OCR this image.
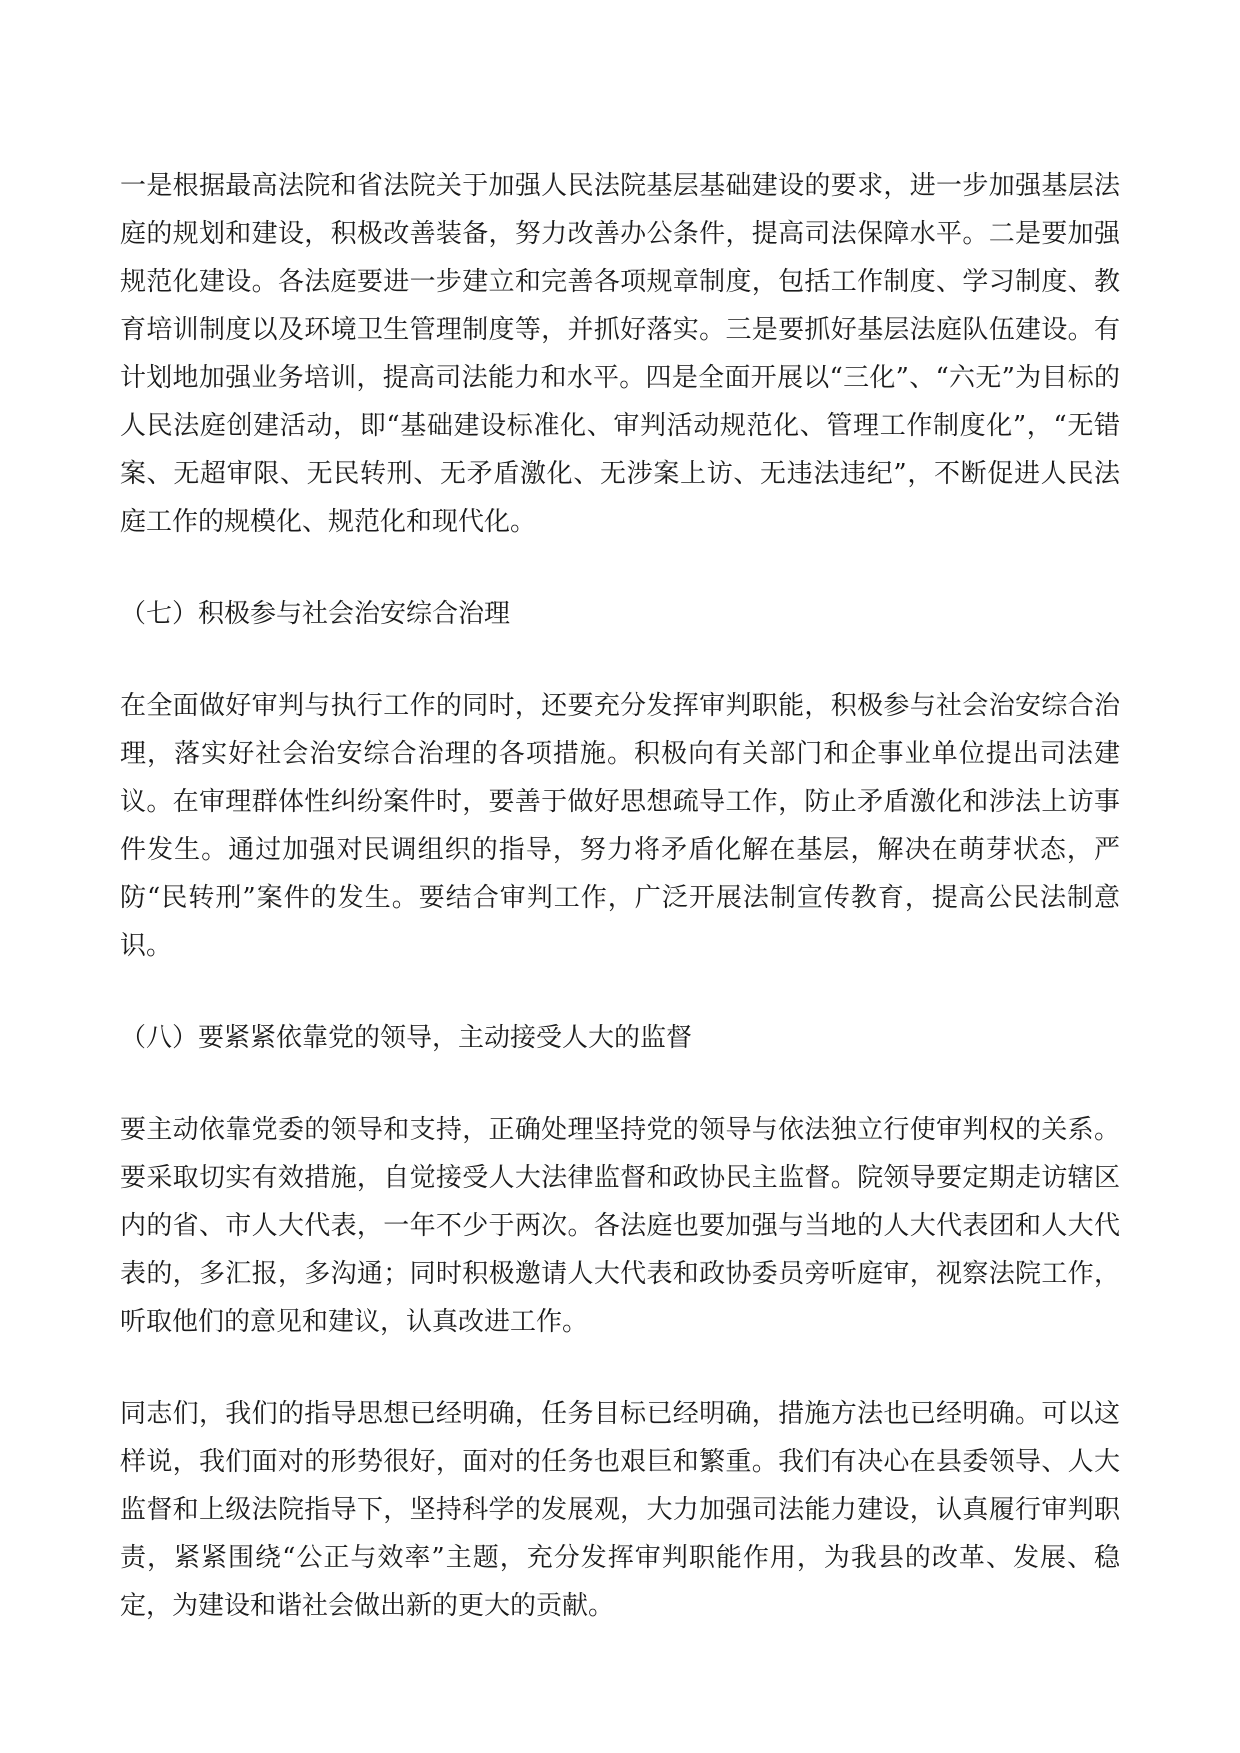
一是根据最高法院和省法院关于加强人民法院基层基础建设的要求，进一步加强基层法庭的规划和建设，积极改善装备，努力改善办公条件，提高司法保障水平。二是要加强规范化建设。各法庭要进一步建立和完善各项规章制度，包括工作制度、学习制度、教育培训制度以及环境卫生管理制度等，并抓好落实。三是要抓好基层法庭队伍建设。有计划地加强业务培训，提高司法能力和水平。四是全面开展以“三化”、“六无”为目标的人民法庭创建活动，即“基础建设标准化、审判活动规范化、管理工作制度化”，“无错案、无超审限、无民转刑、无矛盾激化、无涉案上访、无违法违纪”，不断促进人民法庭工作的规模化、规范化和现代化。

（七）积极参与社会治安综合治理

在全面做好审判与执行工作的同时，还要充分发挥审判职能，积极参与社会治安综合治理，落实好社会治安综合治理的各项措施。积极向有关部门和企事业单位提出司法建议。在审理群体性纠纷案件时，要善于做好思想疏导工作，防止矛盾激化和涉法上访事件发生。通过加强对民调组织的指导，努力将矛盾化解在基层，解决在萌芽状态，严防“民转刑”案件的发生。要结合审判工作，广泛开展法制宣传教育，提高公民法制意识。

（八）要紧紧依靠党的领导，主动接受人大的监督

要主动依靠党委的领导和支持，正确处理坚持党的领导与依法独立行使审判权的关系。要采取切实有效措施，自觉接受人大法律监督和政协民主监督。院领导要定期走访辖区内的省、市人大代表，一年不少于两次。各法庭也要加强与当地的人大代表团和人大代表的，多汇报，多沟通；同时积极邀请人大代表和政协委员旁听庭审，视察法院工作，听取他们的意见和建议，认真改进工作。

同志们，我们的指导思想已经明确，任务目标已经明确，措施方法也已经明确。可以这样说，我们面对的形势很好，面对的任务也艰巨和繁重。我们有决心在县委领导、人大监督和上级法院指导下，坚持科学的发展观，大力加强司法能力建设，认真履行审判职责，紧紧围绕“公正与效率”主题，充分发挥审判职能作用，为我县的改革、发展、稳定，为建设和谐社会做出新的更大的贡献。
